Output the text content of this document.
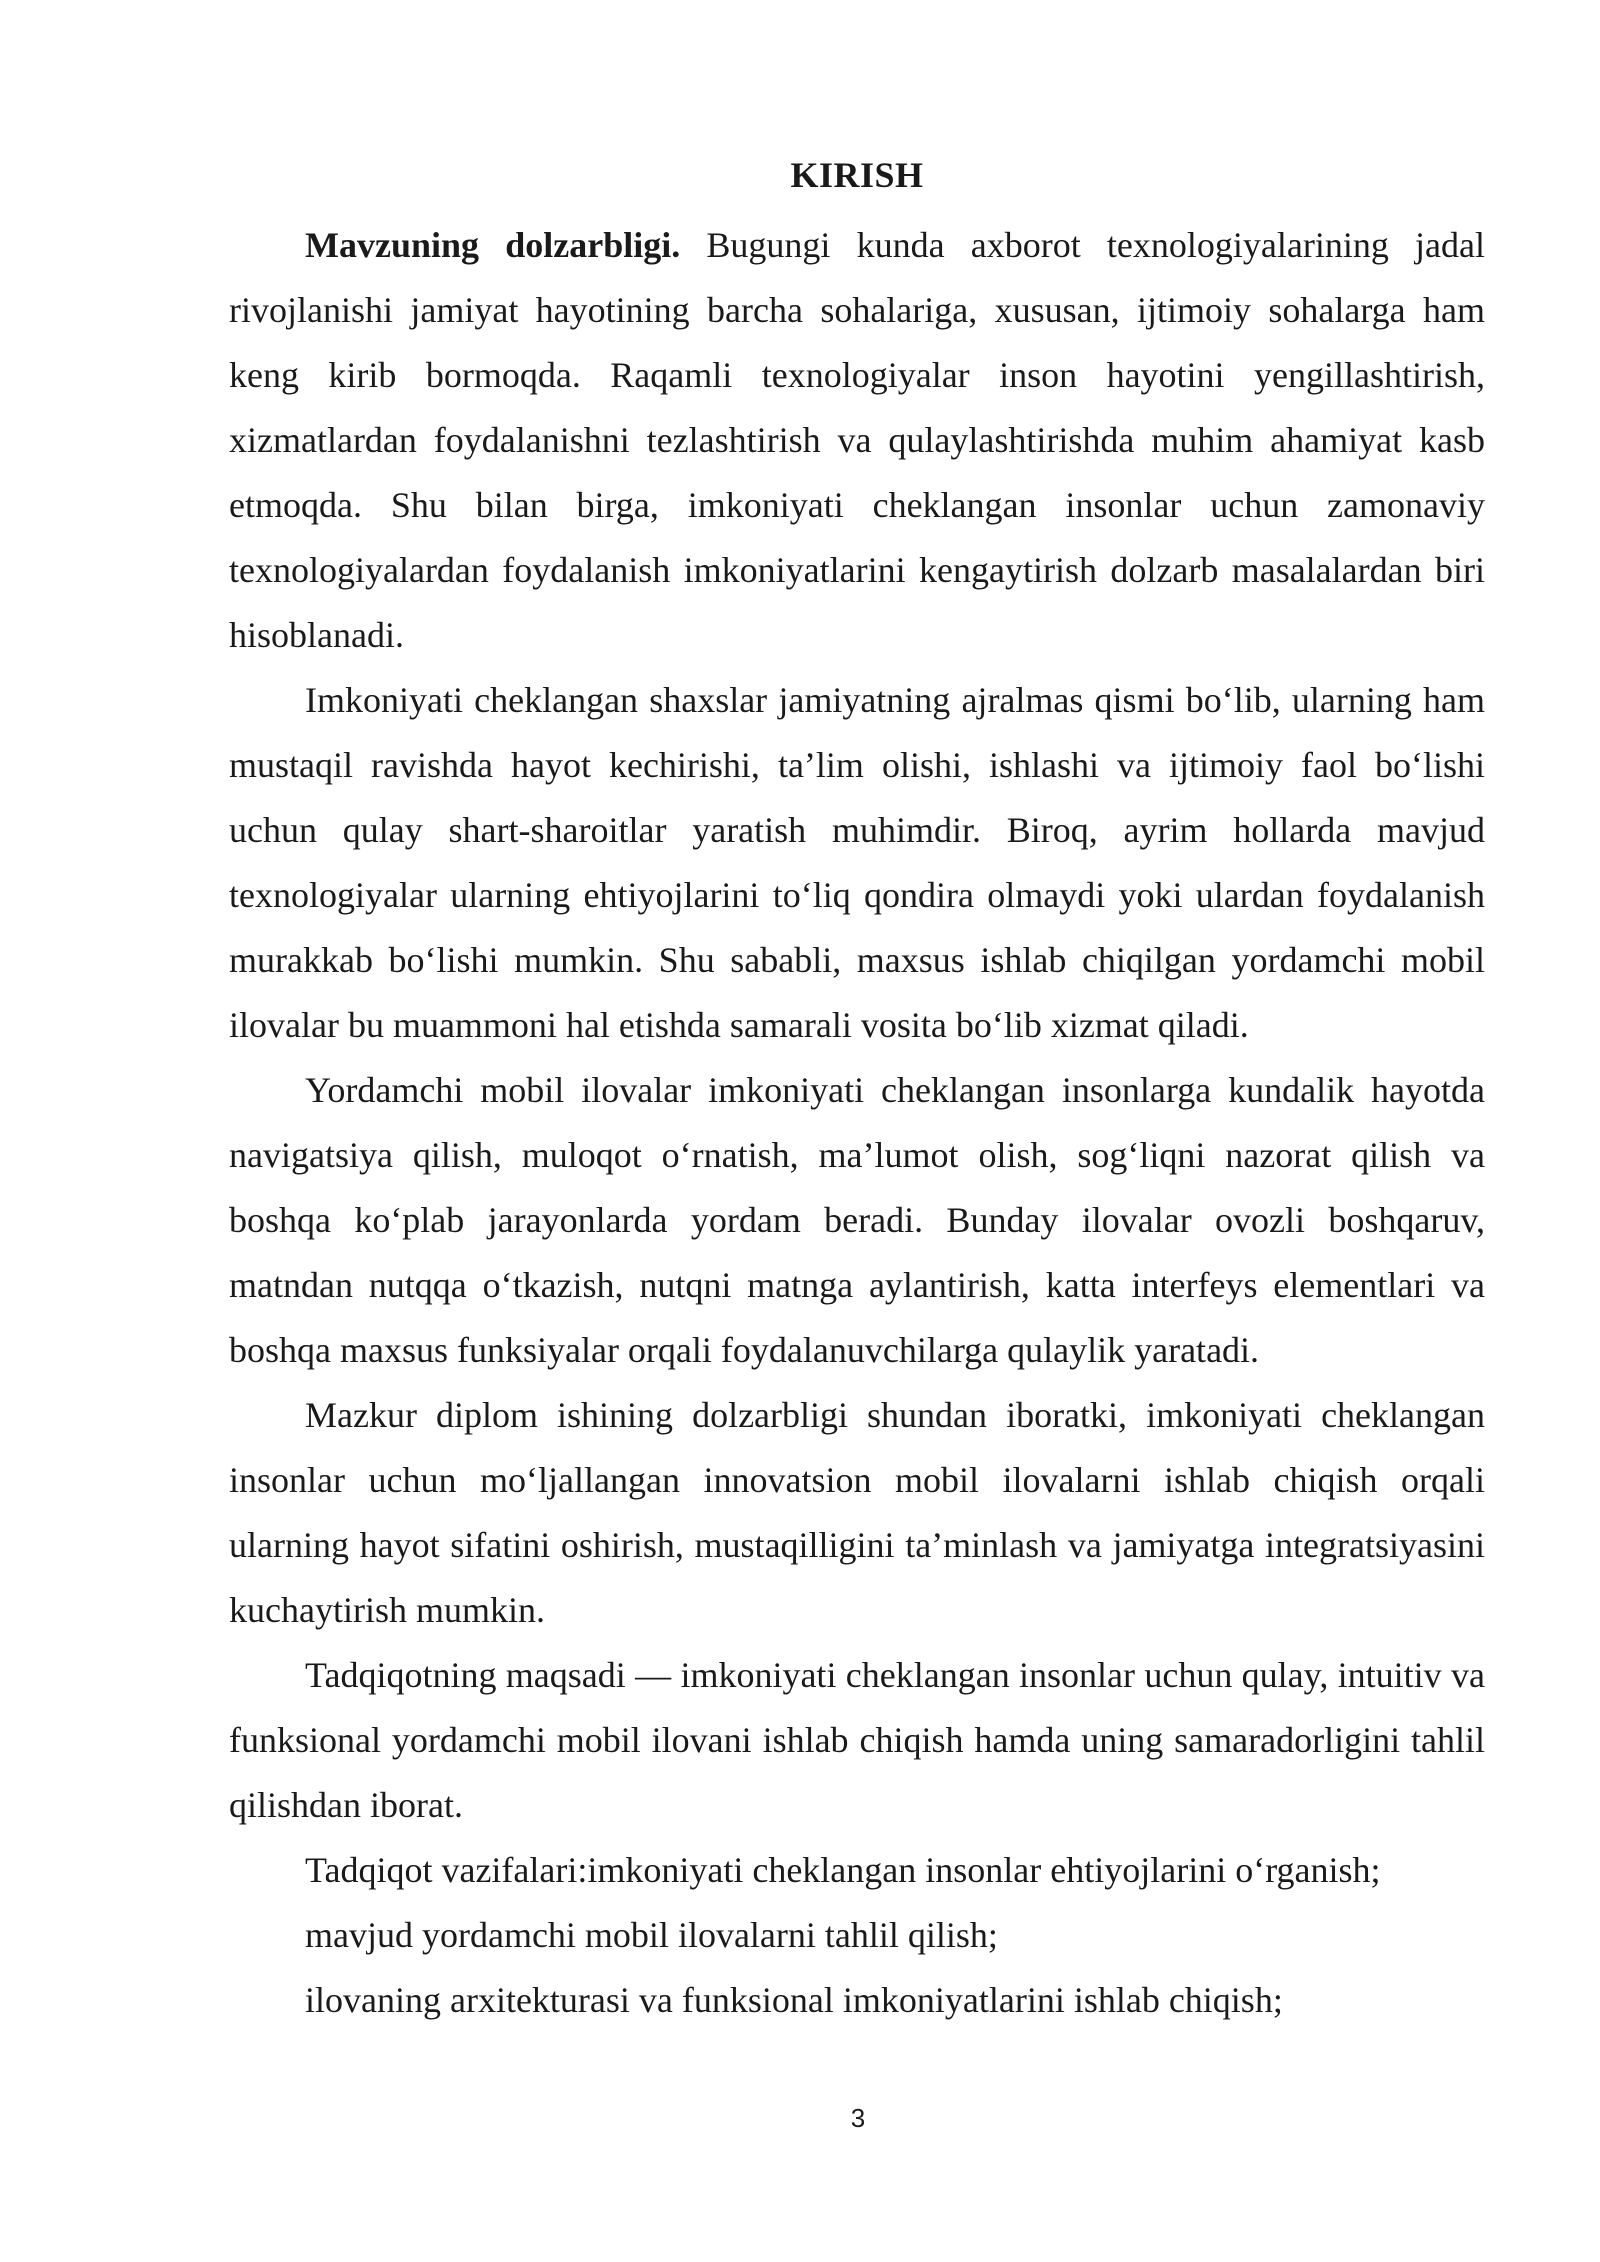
KIRISH

Mavzuning dolzarbligi. Bugungi kunda axborot texnologiyalarining jadal rivojlanishi jamiyat hayotining barcha sohalariga, xususan, ijtimoiy sohalarga ham keng kirib bormoqda. Raqamli texnologiyalar inson hayotini yengillashtirish, xizmatlardan foydalanishni tezlashtirish va qulaylashtirishda muhim ahamiyat kasb etmoqda. Shu bilan birga, imkoniyati cheklangan insonlar uchun zamonaviy texnologiyalardan foydalanish imkoniyatlarini kengaytirish dolzarb masalalardan biri hisoblanadi.

Imkoniyati cheklangan shaxslar jamiyatning ajralmas qismi bo‘lib, ularning ham mustaqil ravishda hayot kechirishi, ta’lim olishi, ishlashi va ijtimoiy faol bo‘lishi uchun qulay shart-sharoitlar yaratish muhimdir. Biroq, ayrim hollarda mavjud texnologiyalar ularning ehtiyojlarini to‘liq qondira olmaydi yoki ulardan foydalanish murakkab bo‘lishi mumkin. Shu sababli, maxsus ishlab chiqilgan yordamchi mobil ilovalar bu muammoni hal etishda samarali vosita bo‘lib xizmat qiladi.

Yordamchi mobil ilovalar imkoniyati cheklangan insonlarga kundalik hayotda navigatsiya qilish, muloqot o‘rnatish, ma’lumot olish, sog‘liqni nazorat qilish va boshqa ko‘plab jarayonlarda yordam beradi. Bunday ilovalar ovozli boshqaruv, matndan nutqqa o‘tkazish, nutqni matnga aylantirish, katta interfeys elementlari va boshqa maxsus funksiyalar orqali foydalanuvchilarga qulaylik yaratadi.

Mazkur diplom ishining dolzarbligi shundan iboratki, imkoniyati cheklangan insonlar uchun mo‘ljallangan innovatsion mobil ilovalarni ishlab chiqish orqali ularning hayot sifatini oshirish, mustaqilligini ta’minlash va jamiyatga integratsiyasini kuchaytirish mumkin.

Tadqiqotning maqsadi — imkoniyati cheklangan insonlar uchun qulay, intuitiv va funksional yordamchi mobil ilovani ishlab chiqish hamda uning samaradorligini tahlil qilishdan iborat.

Tadqiqot vazifalari:imkoniyati cheklangan insonlar ehtiyojlarini o‘rganish;

mavjud yordamchi mobil ilovalarni tahlil qilish;

ilovaning arxitekturasi va funksional imkoniyatlarini ishlab chiqish;

3
